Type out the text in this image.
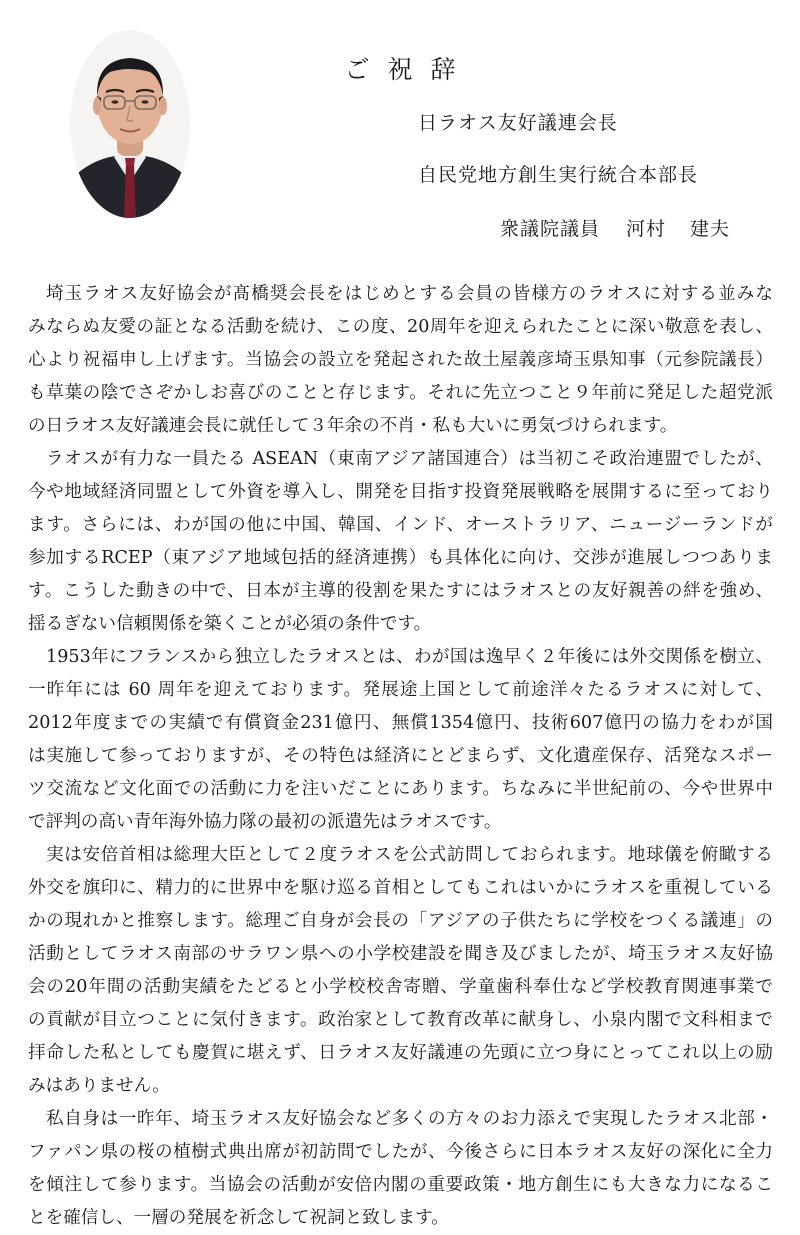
ご祝辞
日ラオス友好議連会長
自民党地方創生実行統合本部長
衆議院議員 河村 建夫

埼玉ラオス友好協会が髙橋奨会長をはじめとする会員の皆様方のラオスに対する並みな

みならぬ友愛の証となる活動を続け、この度、20周年を迎えられたことに深い敬意を表し、

心より祝福申し上げます。当協会の設立を発起された故土屋義彦埼玉県知事（元参院議長）

も草葉の陰でさぞかしお喜びのことと存じます。それに先立つこと９年前に発足した超党派

の日ラオス友好議連会長に就任して３年余の不肖・私も大いに勇気づけられます。

ラオスが有力な一員たる ASEAN（東南アジア諸国連合）は当初こそ政治連盟でしたが、

今や地域経済同盟として外資を導入し、開発を目指す投資発展戦略を展開するに至っており

ます。さらには、わが国の他に中国、韓国、インド、オーストラリア、ニュージーランドが

参加するRCEP（東アジア地域包括的経済連携）も具体化に向け、交渉が進展しつつありま

す。こうした動きの中で、日本が主導的役割を果たすにはラオスとの友好親善の絆を強め、

揺るぎない信頼関係を築くことが必須の条件です。

1953年にフランスから独立したラオスとは、わが国は逸早く２年後には外交関係を樹立、

一昨年には 60 周年を迎えております。発展途上国として前途洋々たるラオスに対して、

2012年度までの実績で有償資金231億円、無償1354億円、技術607億円の協力をわが国

は実施して参っておりますが、その特色は経済にとどまらず、文化遺産保存、活発なスポー

ツ交流など文化面での活動に力を注いだことにあります。ちなみに半世紀前の、今や世界中

で評判の高い青年海外協力隊の最初の派遣先はラオスです。

実は安倍首相は総理大臣として２度ラオスを公式訪問しておられます。地球儀を俯瞰する

外交を旗印に、精力的に世界中を駆け巡る首相としてもこれはいかにラオスを重視している

かの現れかと推察します。総理ご自身が会長の「アジアの子供たちに学校をつくる議連」の

活動としてラオス南部のサラワン県への小学校建設を聞き及びましたが、埼玉ラオス友好協

会の20年間の活動実績をたどると小学校校舎寄贈、学童歯科奉仕など学校教育関連事業で

の貢献が目立つことに気付きます。政治家として教育改革に献身し、小泉内閣で文科相まで

拝命した私としても慶賀に堪えず、日ラオス友好議連の先頭に立つ身にとってこれ以上の励

みはありません。

私自身は一昨年、埼玉ラオス友好協会など多くの方々のお力添えで実現したラオス北部・

ファパン県の桜の植樹式典出席が初訪問でしたが、今後さらに日本ラオス友好の深化に全力

を傾注して参ります。当協会の活動が安倍内閣の重要政策・地方創生にも大きな力になるこ

とを確信し、一層の発展を祈念して祝詞と致します。
